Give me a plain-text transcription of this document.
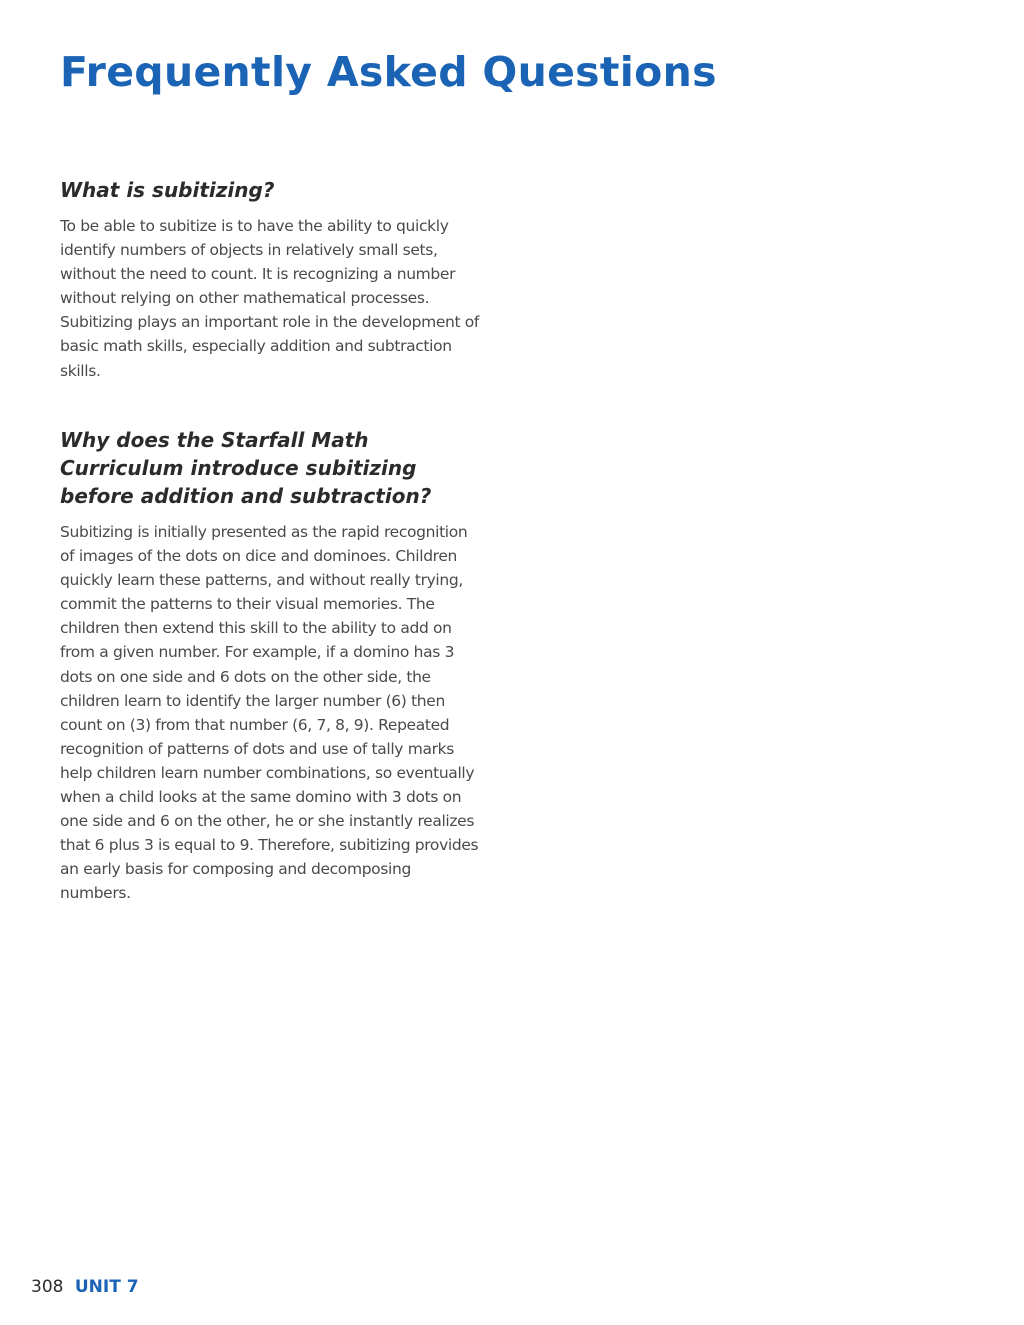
Frequently Asked Questions
What is subitizing?

To be able to subitize is to have the ability to quickly identify numbers of objects in relatively small sets, without the need to count. It is recognizing a number without relying on other mathematical processes. Subitizing plays an important role in the development of basic math skills, especially addition and subtraction skills.

Why does the Starfall Math Curriculum introduce subitizing before addition and subtraction?

Subitizing is initially presented as the rapid recognition of images of the dots on dice and dominoes. Children quickly learn these patterns, and without really trying, commit the patterns to their visual memories. The children then extend this skill to the ability to add on from a given number. For example, if a domino has 3 dots on one side and 6 dots on the other side, the children learn to identify the larger number (6) then count on (3) from that number (6, 7, 8, 9). Repeated recognition of patterns of dots and use of tally marks help children learn number combinations, so eventually when a child looks at the same domino with 3 dots on one side and 6 on the other, he or she instantly realizes that 6 plus 3 is equal to 9. Therefore, subitizing provides an early basis for composing and decomposing numbers.

308 UNIT 7
